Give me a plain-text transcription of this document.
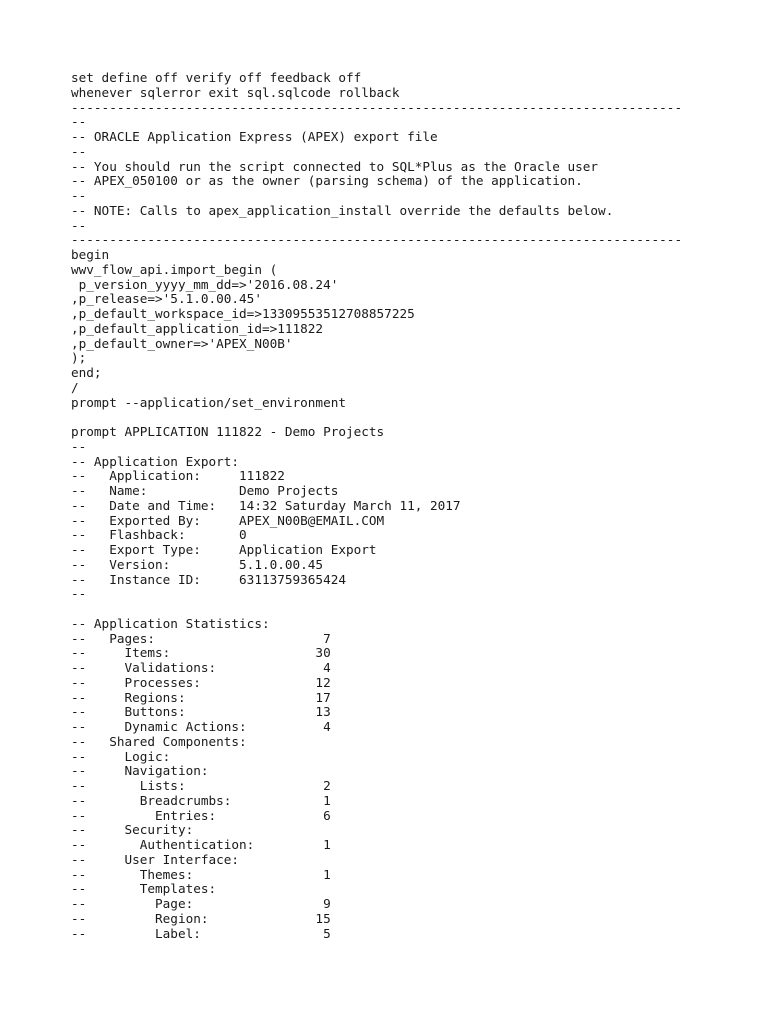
set define off verify off feedback off
whenever sqlerror exit sql.sqlcode rollback
--------------------------------------------------------------------------------
--
-- ORACLE Application Express (APEX) export file
--
-- You should run the script connected to SQL*Plus as the Oracle user
-- APEX_050100 or as the owner (parsing schema) of the application.
--
-- NOTE: Calls to apex_application_install override the defaults below.
--
--------------------------------------------------------------------------------
begin
wwv_flow_api.import_begin (
p_version_yyyy_mm_dd=>'2016.08.24'
,p_release=>'5.1.0.00.45'
,p_default_workspace_id=>13309553512708857225
,p_default_application_id=>111822
,p_default_owner=>'APEX_N00B'
);
end;
/
prompt --application/set_environment

prompt APPLICATION 111822 - Demo Projects
--
-- Application Export:
--   Application:     111822
--   Name:            Demo Projects
--   Date and Time:   14:32 Saturday March 11, 2017
--   Exported By:     APEX_N00B@EMAIL.COM
--   Flashback:       0
--   Export Type:     Application Export
--   Version:         5.1.0.00.45
--   Instance ID:     63113759365424
--

-- Application Statistics:
--   Pages:                      7
--     Items:                   30
--     Validations:              4
--     Processes:               12
--     Regions:                 17
--     Buttons:                 13
--     Dynamic Actions:          4
--   Shared Components:
--     Logic:
--     Navigation:
--       Lists:                  2
--       Breadcrumbs:            1
--         Entries:              6
--     Security:
--       Authentication:         1
--     User Interface:
--       Themes:                 1
--       Templates:
--         Page:                 9
--         Region:              15
--         Label:                5
